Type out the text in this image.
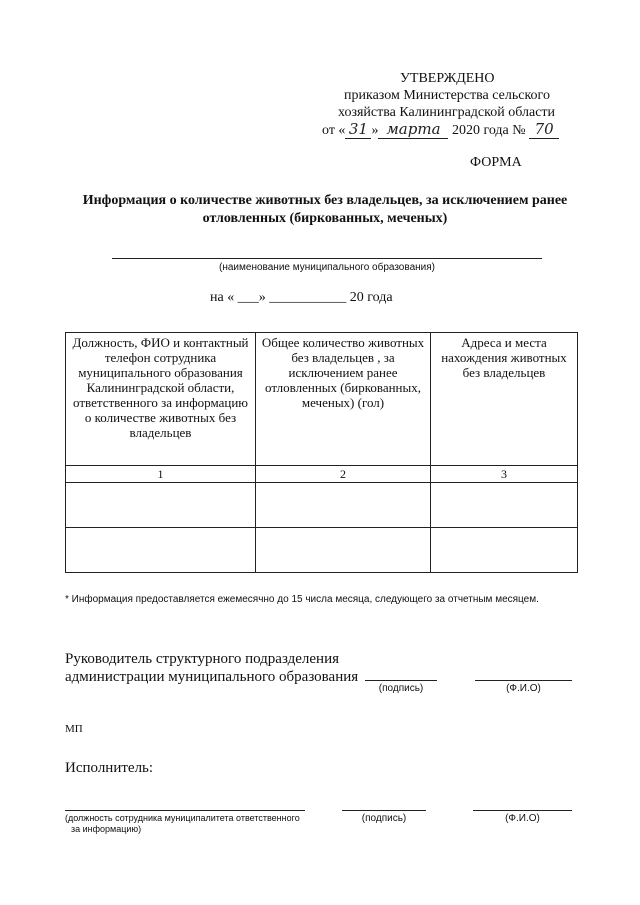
УТВЕРЖДЕНО
приказом Министерства сельского
хозяйства Калининградской области
от « 31 » марта 2020 года № 70
ФОРМА
Информация о количестве животных без владельцев, за исключением ранее отловленных (биркованных, меченых)
(наименование муниципального образования)
на « ___» ___________ 20 года
Должность, ФИО и контактный телефон сотрудника муниципального образования Калининградской области, ответственного за информацию о количестве животных без владельцев	Общее количество животных без владельцев , за исключением ранее отловленных (биркованных, меченых) (гол)	Адреса и места нахождения животных без владельцев
1	2	3

* Информация предоставляется ежемесячно до 15 числа месяца, следующего за отчетным месяцем.
Руководитель структурного подразделения
администрации муниципального образования
(подпись)	(Ф.И.О)
МП
Исполнитель:
(должность сотрудника муниципалитета ответственного
за информацию)
(подпись)	(Ф.И.О)
